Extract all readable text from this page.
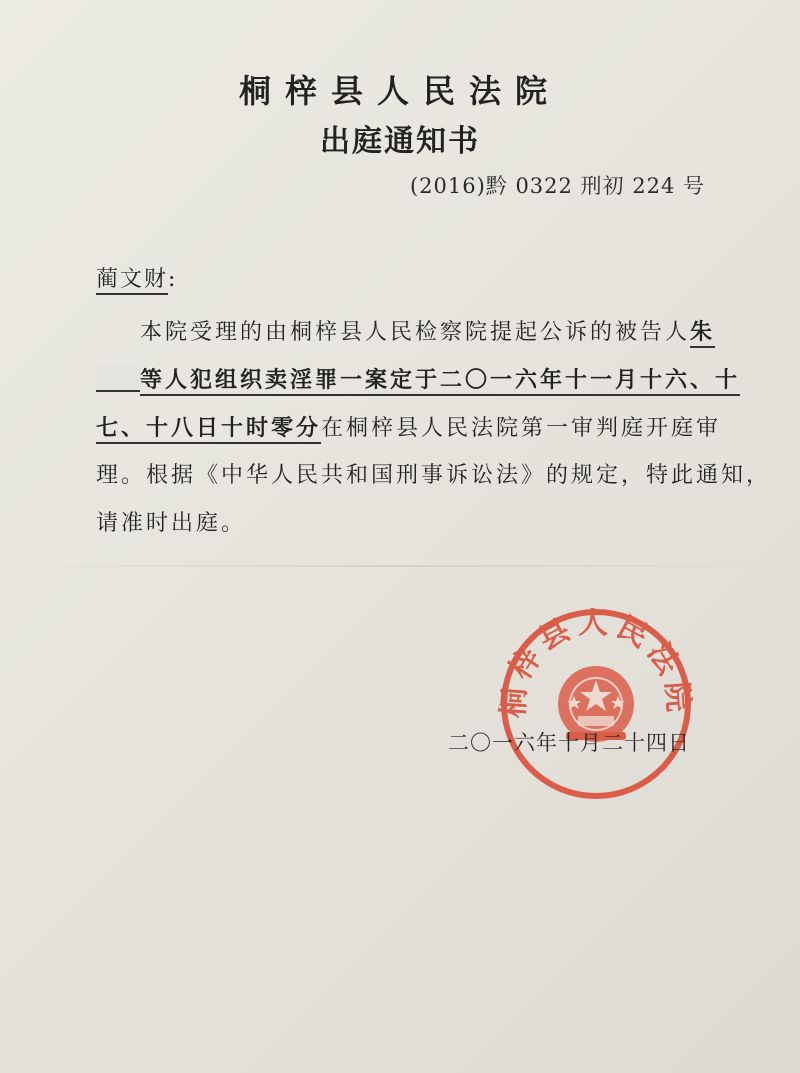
桐梓县人民法院
出庭通知书
(2016)黔 0322 刑初 224 号
蔺文财:
本院受理的由桐梓县人民检察院提起公诉的被告人朱
等人犯组织卖淫罪一案定于二〇一六年十一月十六、十
七、十八日十时零分在桐梓县人民法院第一审判庭开庭审
理。根据《中华人民共和国刑事诉讼法》的规定，特此通知，
请准时出庭。
桐梓县人民法院
二〇一六年十月二十四日
